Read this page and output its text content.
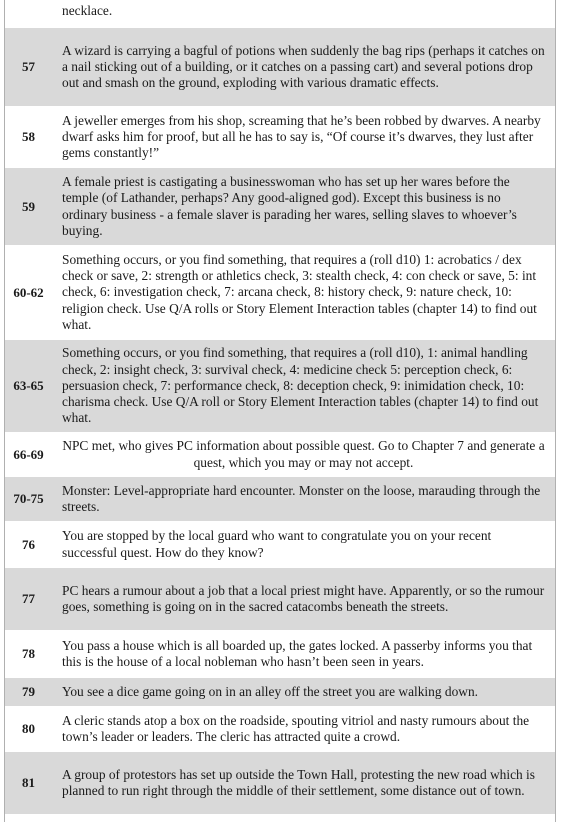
necklace.
57
A wizard is carrying a bagful of potions when suddenly the bag rips (perhaps it catches on a nail sticking out of a building, or it catches on a passing cart) and several potions drop out and smash on the ground, exploding with various dramatic effects.
58
A jeweller emerges from his shop, screaming that he’s been robbed by dwarves. A nearby dwarf asks him for proof, but all he has to say is, “Of course it’s dwarves, they lust after gems constantly!”
59
A female priest is castigating a businesswoman who has set up her wares before the temple (of Lathander, perhaps? Any good-aligned god). Except this business is no ordinary business - a female slaver is parading her wares, selling slaves to whoever’s buying.
60-62
Something occurs, or you find something, that requires a (roll d10) 1: acrobatics / dex check or save, 2: strength or athletics check, 3: stealth check, 4: con check or save, 5: int check, 6: investigation check, 7: arcana check, 8: history check, 9: nature check, 10: religion check. Use Q/A rolls or Story Element Interaction tables (chapter 14) to find out what.
63-65
Something occurs, or you find something, that requires a (roll d10), 1: animal handling check, 2: insight check, 3: survival check, 4: medicine check 5: perception check, 6: persuasion check, 7: performance check, 8: deception check, 9: inimidation check, 10: charisma check. Use Q/A roll or Story Element Interaction tables (chapter 14) to find out what.
66-69
NPC met, who gives PC information about possible quest. Go to Chapter 7 and generate a quest, which you may or may not accept.
70-75
Monster: Level-appropriate hard encounter. Monster on the loose, marauding through the streets.
76
You are stopped by the local guard who want to congratulate you on your recent successful quest. How do they know?
77
PC hears a rumour about a job that a local priest might have. Apparently, or so the rumour goes, something is going on in the sacred catacombs beneath the streets.
78
You pass a house which is all boarded up, the gates locked. A passerby informs you that this is the house of a local nobleman who hasn’t been seen in years.
79	You see a dice game going on in an alley off the street you are walking down.
80
A cleric stands atop a box on the roadside, spouting vitriol and nasty rumours about the town’s leader or leaders. The cleric has attracted quite a crowd.
81
A group of protestors has set up outside the Town Hall, protesting the new road which is planned to run right through the middle of their settlement, some distance out of town.
